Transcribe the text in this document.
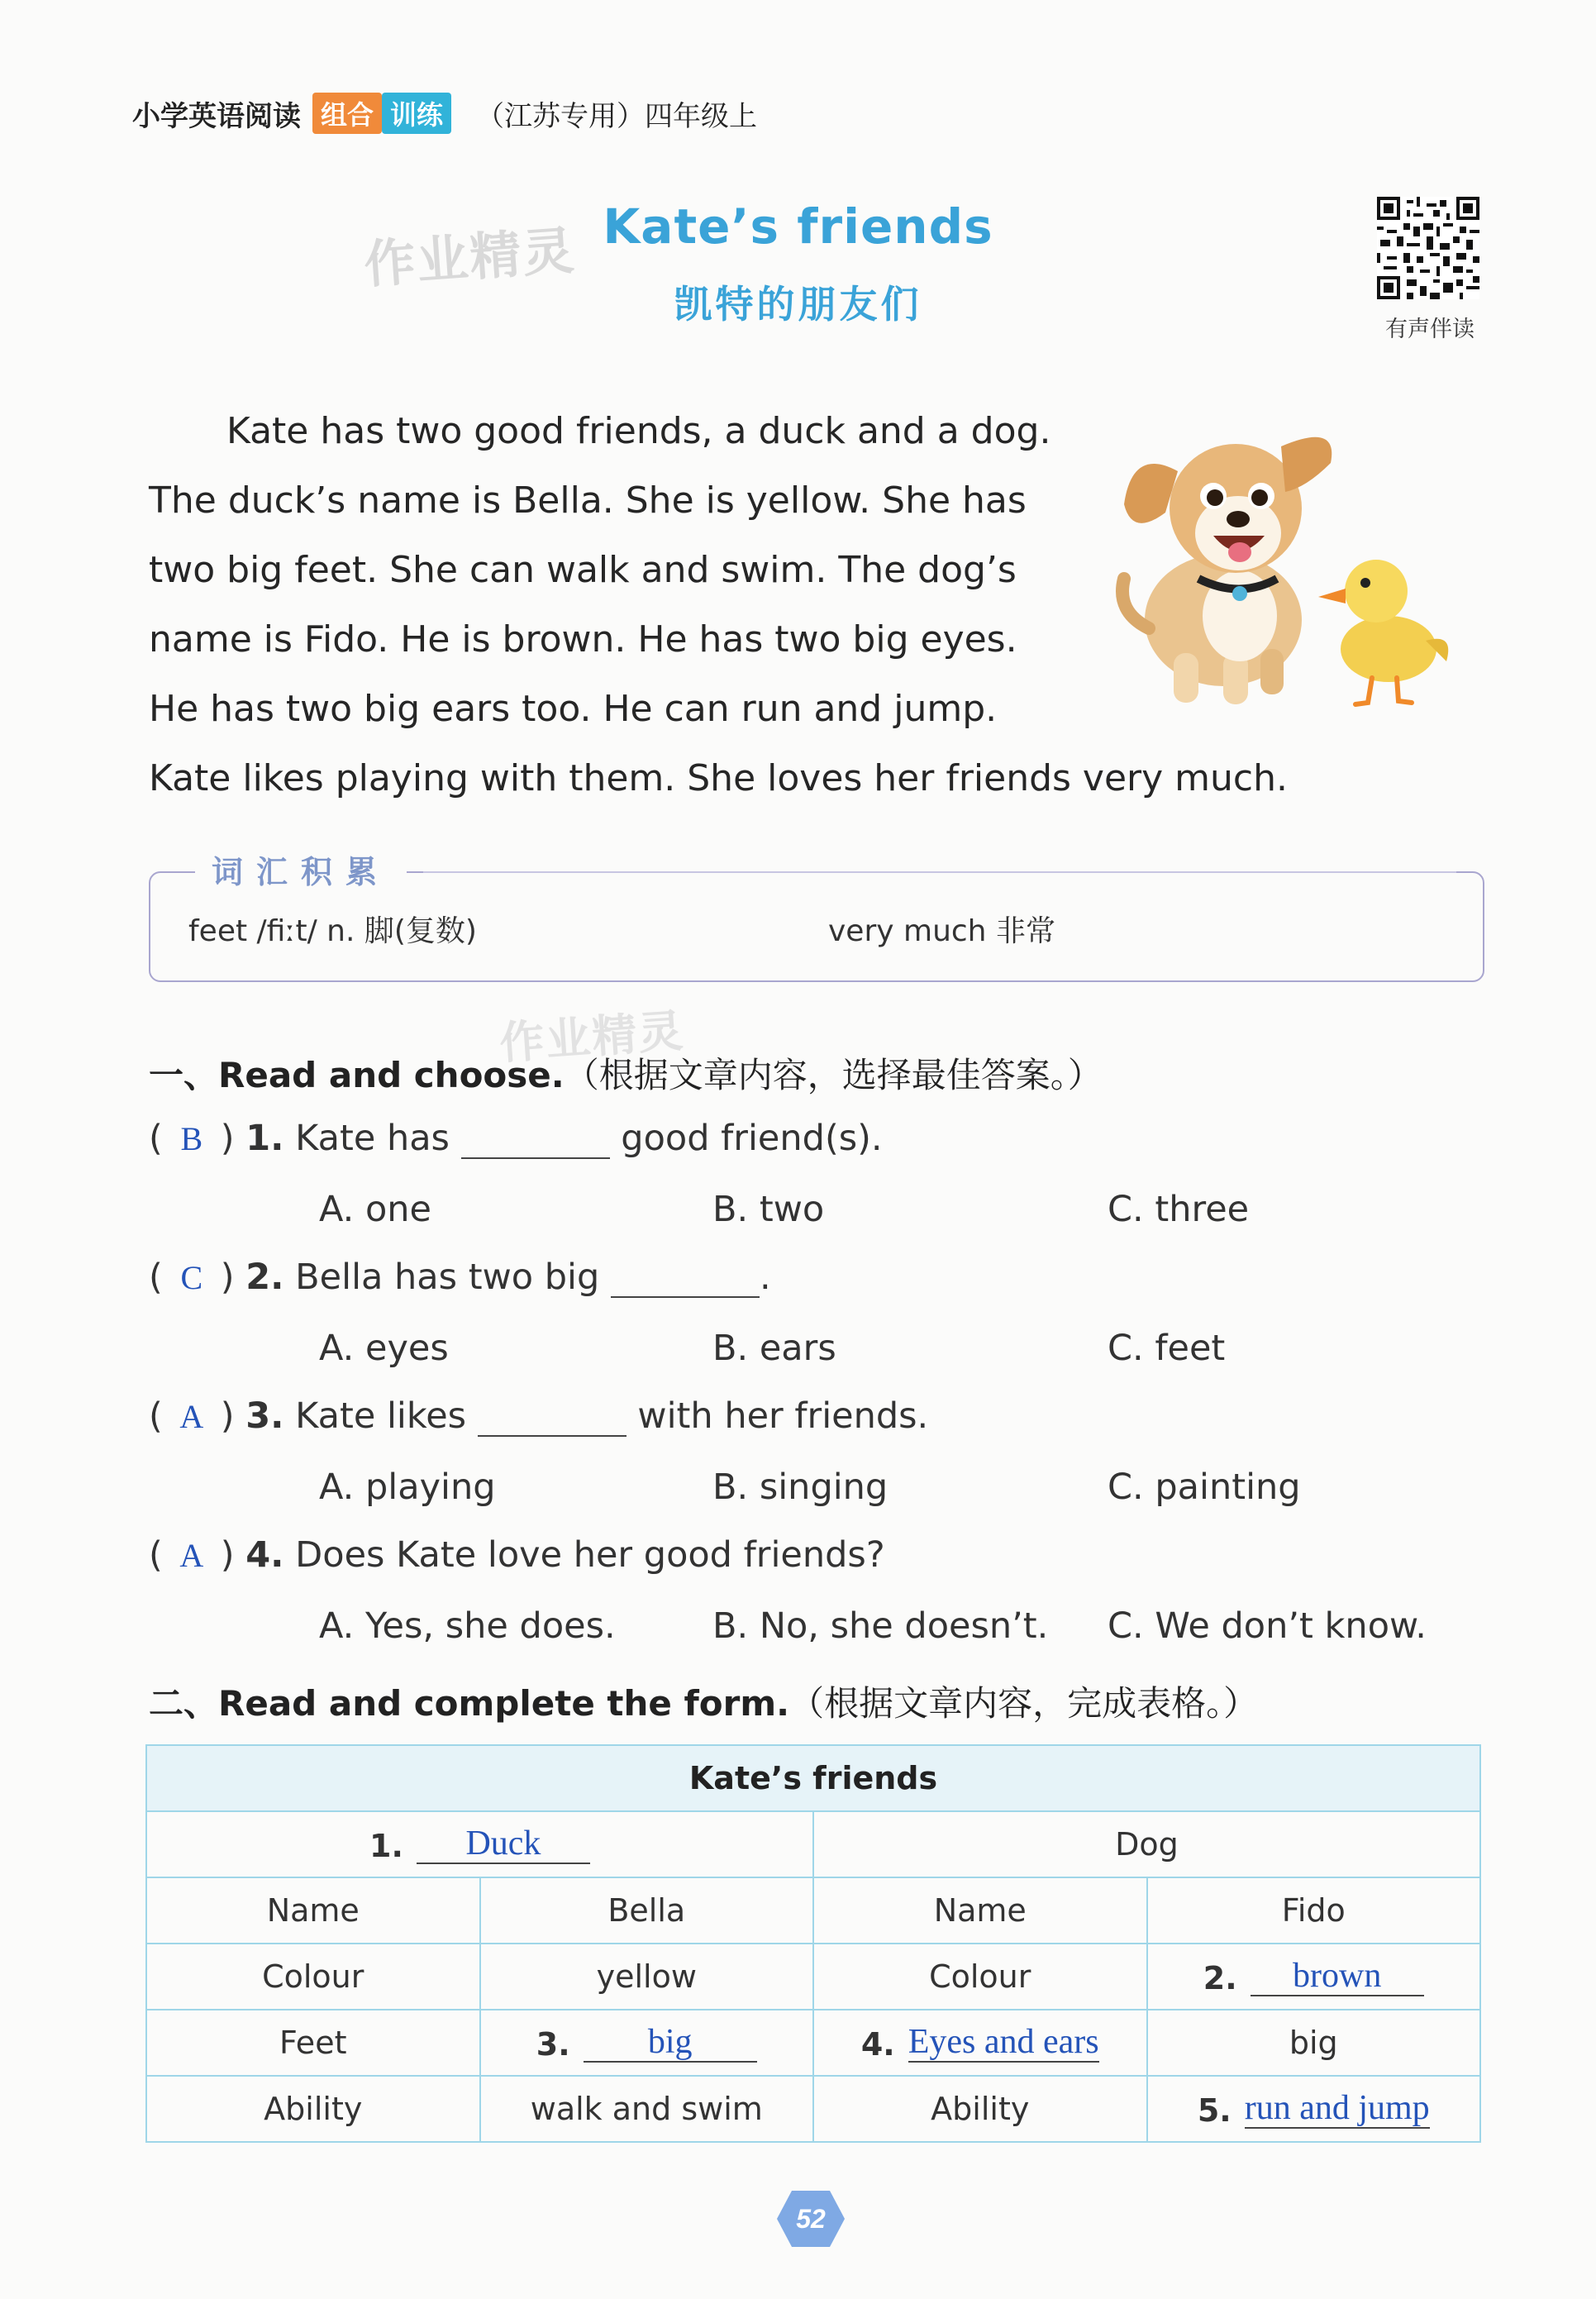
小学英语阅读 组合 训练 （江苏专用）四年级上
作业精灵
作业精灵
Kate’s friends
凯特的朋友们
有声伴读

Kate has two good friends, a duck and a dog.

The duck’s name is Bella. She is yellow. She has

two big feet. She can walk and swim. The dog’s

name is Fido. He is brown. He has two big eyes.

He has two big ears too. He can run and jump.

Kate likes playing with them. She loves her friends very much.

feet /fiːt/ n. 脚(复数)	very much 非常
词汇积累
一、Read and choose.（根据文章内容，选择最佳答案。）
( B ) 1. Kate has	good friend(s).
A. one	B. two	C. three
( C ) 2. Bella has two big	.
A. eyes	B. ears	C. feet
( A ) 3. Kate likes	with her friends.
A. playing	B. singing	C. painting
( A ) 4. Does Kate love her good friends?
A. Yes, she does.	B. No, she doesn’t. C. We don’t know.
二、Read and complete the form.（根据文章内容，完成表格。）
Kate’s friends			
1. Duck		Dog	
Name	Bella	Name	Fido
Colour	yellow	Colour	2. brown
Feet	3. big	4. Eyes and ears	big
Ability	walk and swim	Ability	5. run and jump
52
